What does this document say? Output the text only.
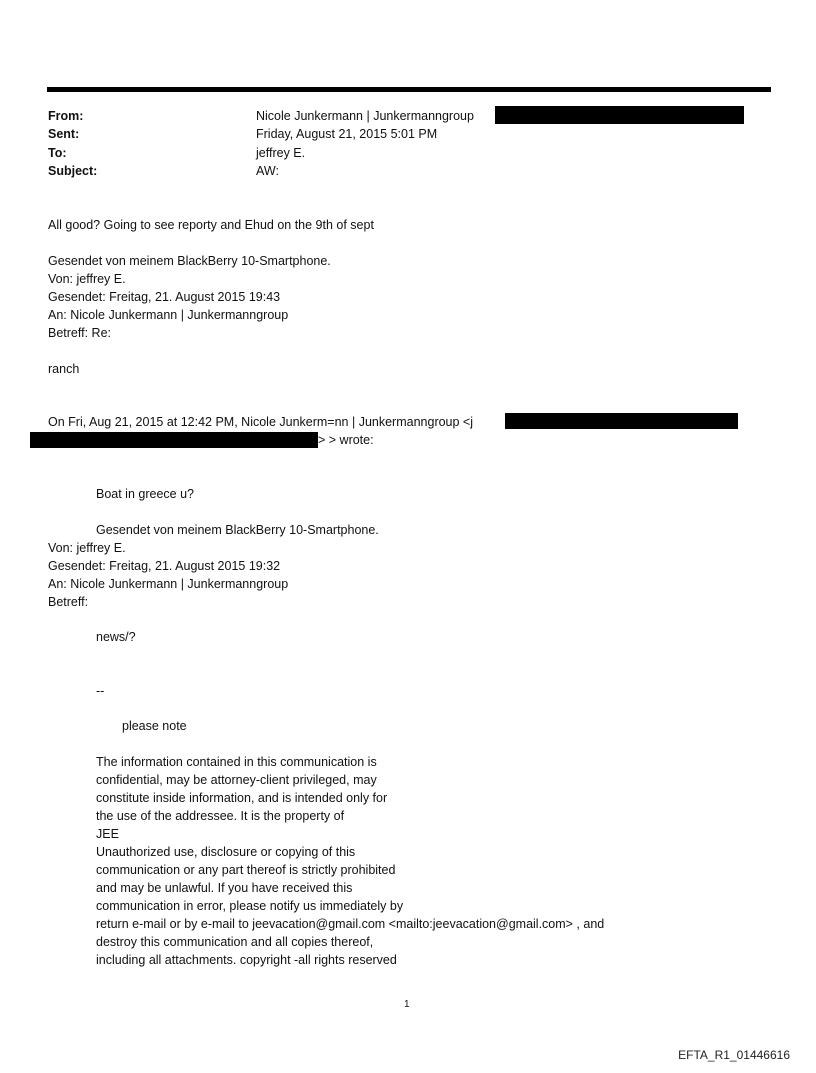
From:	Nicole Junkermann | Junkermanngroup
Sent:	Friday, August 21, 2015 5:01 PM
To:	jeffrey E.
Subject:	AW:
All good? Going to see reporty and Ehud on the 9th of sept
Gesendet von meinem BlackBerry 10-Smartphone.
Von: jeffrey E.
Gesendet: Freitag, 21. August 2015 19:43
An: Nicole Junkermann | Junkermanngroup
Betreff: Re:
ranch
On Fri, Aug 21, 2015 at 12:42 PM, Nicole Junkerm=nn | Junkermanngroup <j
> > wrote:
Boat in greece u?
Gesendet von meinem BlackBerry 10-Smartphone.
Von: jeffrey E.
Gesendet: Freitag, 21. August 2015 19:32
An: Nicole Junkermann | Junkermanngroup
Betreff:
news/?
--
please note
The information contained in this communication is
confidential, may be attorney-client privileged, may
constitute inside information, and is intended only for
the use of the addressee. It is the property of
JEE
Unauthorized use, disclosure or copying of this
communication or any part thereof is strictly prohibited
and may be unlawful. If you have received this
communication in error, please notify us immediately by
return e-mail or by e-mail to jeevacation@gmail.com <mailto:jeevacation@gmail.com> , and
destroy this communication and all copies thereof,
including all attachments. copyright -all rights reserved
1
EFTA_R1_01446616
